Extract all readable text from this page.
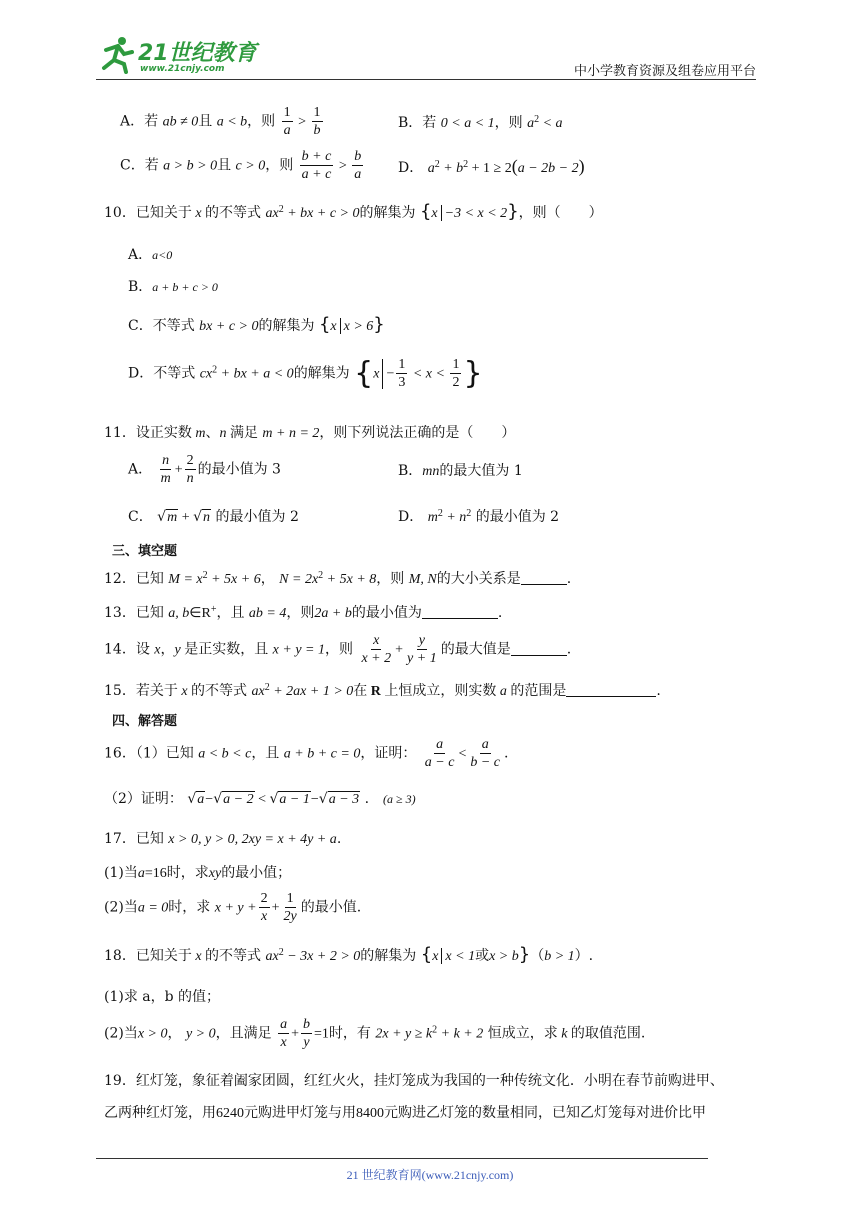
21世纪教育
www.21cnjy.com	中小学教育资源及组卷应用平台
A．若 ab ≠ 0且 a < b，则 $\frac{1}{a} > \frac{1}{b}$	B．若 0 < a < 1，则 $a^2 < a$
C．若 a > b > 0且 c > 0，则 $\frac{b + c}{a + c} > \frac{b}{a}$ D． $a^2 + b^2 + 1 \ge 2(a - 2b - 2)$
10．已知关于 x 的不等式 $ax^2$ + bx + c > 0的解集为 {x −3 < x < 2}，则（　　）
A．a<0
B．a + b + c > 0
C．不等式 bx + c > 0的解集为 {x x > 6}
D．不等式 $cx^2$ + bx + a < 0的解集为 {$x - \frac{1}{3} < x < \frac{1}{2}$ }
11．设正实数 m、n 满足 m + n = 2，则下列说法正确的是（　　）
A． $\frac{n}{m} + \frac{2}{n}$ 的最小值为 3	B．mn的最大值为 1
C． √m + √n 的最小值为 2	D． $m^2 + n^2$ 的最小值为 2
三、填空题
12．已知 $M = x^2 + 5x + 6$， $N = 2x^2 + 5x + 8$，则 M, N的大小关系是	.
13．已知 a, b∈R+，且 ab = 4，则2a + b的最小值为	.
14．设 x，y 是正实数，且 x + y = 1，则 $\frac{x}{x + 2} + \frac{y}{y + 1}$ 的最大值是	.
15．若关于 x 的不等式 $ax^2 + 2ax + 1 > 0$在 R 上恒成立，则实数 a 的范围是	.
四、解答题
16．（1）已知 a < b < c，且 a + b + c = 0，证明： $\frac{a}{a - c} < \frac{a}{b - c}$ .
（2）证明： √a−√a − 2 < √a − 1−√a − 3 .　(a ≥ 3)
17．已知 x > 0, y > 0, 2xy = x + 4y + a.
(1)当a=16时，求xy的最小值；
(2)当a = 0时，求 $x + y + \frac{2}{x} + \frac{1}{2y}$ 的最小值.
18．已知关于 x 的不等式 $ax^2 - 3x + 2 > 0$的解集为 {x x < 1或x > b}（b > 1）.
(1)求 a，b 的值；
(2)当x > 0， y > 0，且满足 $\frac{a}{x} + \frac{b}{y} =1$时，有 $2x + y \ge k^2 + k + 2$ 恒成立，求 k 的取值范围.
19．红灯笼，象征着阖家团圆，红红火火，挂灯笼成为我国的一种传统文化．小明在春节前购进甲、
乙两种红灯笼，用6240元购进甲灯笼与用8400元购进乙灯笼的数量相同，已知乙灯笼每对进价比甲
21 世纪教育网(www.21cnjy.com)
